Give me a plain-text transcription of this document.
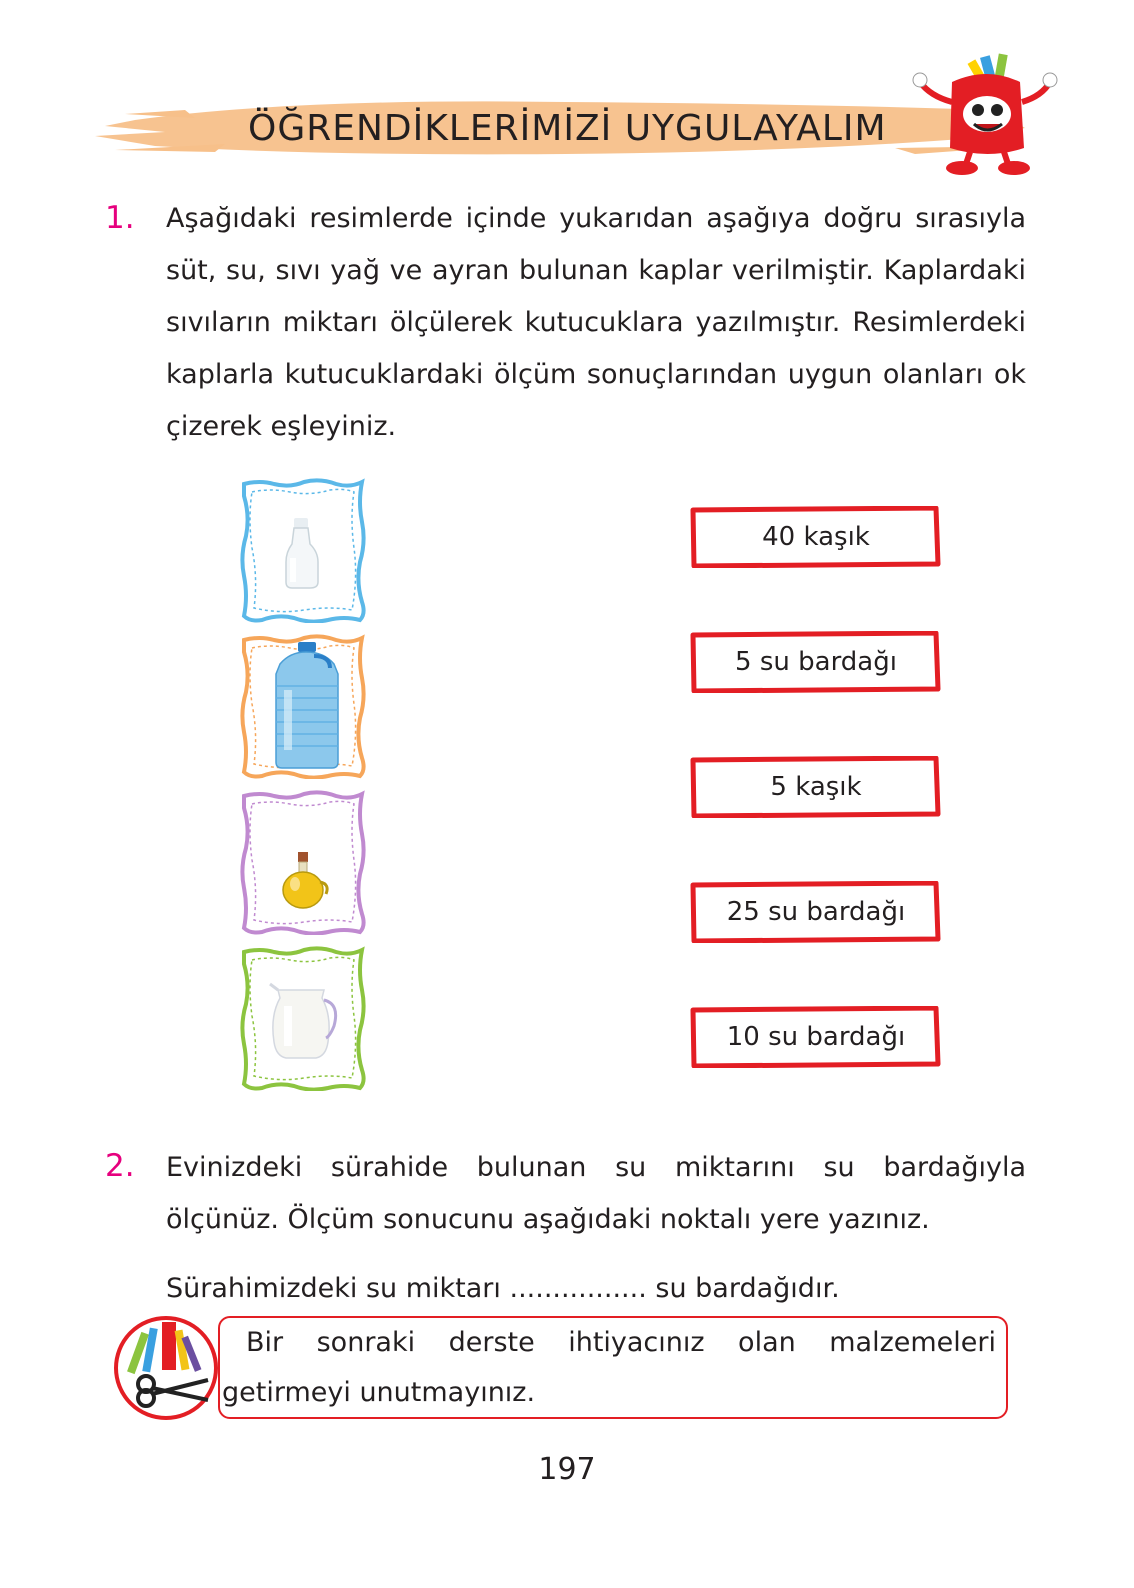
ÖĞRENDİKLERİMİZİ UYGULAYALIM
1. Aşağıdaki resimlerde içinde yukarıdan aşağıya doğru sırasıyla süt, su, sıvı yağ ve ayran bulunan kaplar verilmiştir. Kaplardaki sıvıların miktarı ölçülerek kutucuklara yazılmıştır. Resimlerdeki kaplarla kutucuklardaki ölçüm sonuçlarından uygun olanları ok çizerek eşleyiniz.
40 kaşık
5 su bardağı
5 kaşık
25 su bardağı
10 su bardağı
2. Evinizdeki sürahide bulunan su miktarını su bardağıyla ölçünüz. Ölçüm sonucunu aşağıdaki noktalı yere yazınız.
Sürahimizdeki su miktarı ................ su bardağıdır.
Bir sonraki derste ihtiyacınız olan malzemeleri
getirmeyi unutmayınız.
197
